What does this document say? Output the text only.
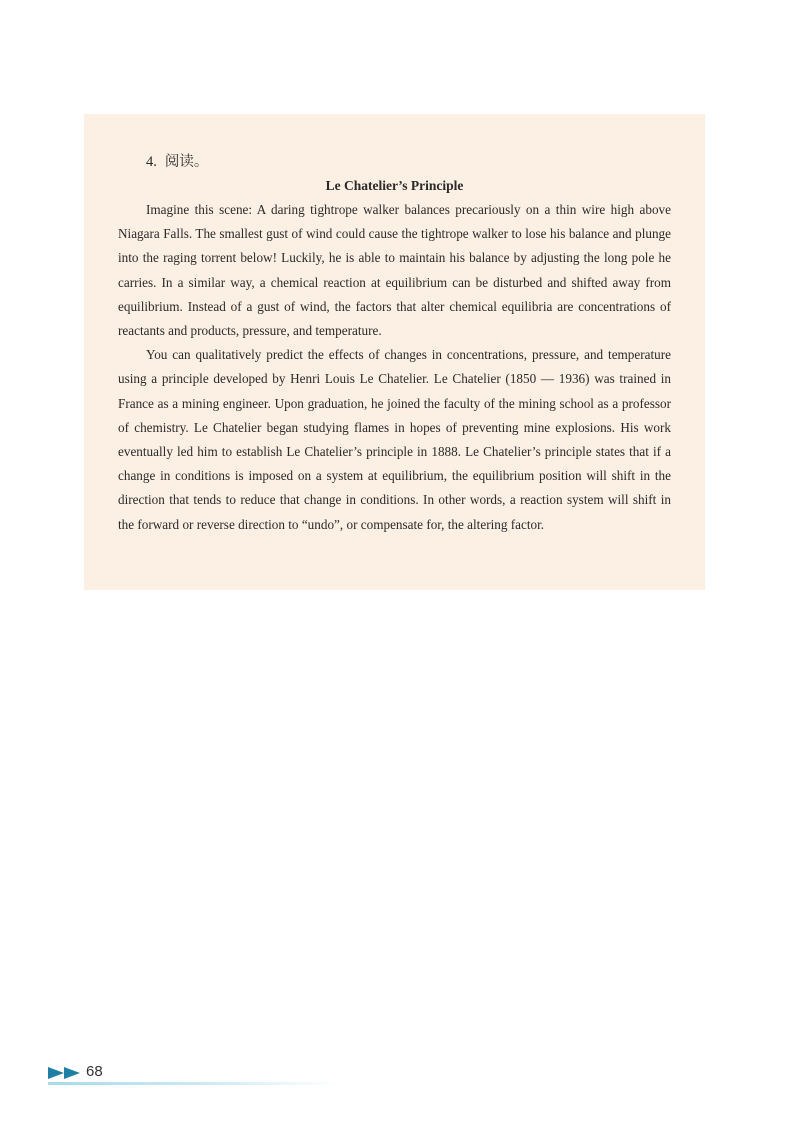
4. 阅读。
Le Chatelier’s Principle

Imagine this scene: A daring tightrope walker balances precariously on a thin wire high above Niagara Falls. The smallest gust of wind could cause the tightrope walker to lose his balance and plunge into the raging torrent below! Luckily, he is able to maintain his balance by adjusting the long pole he carries. In a similar way, a chemical reaction at equilibrium can be disturbed and shifted away from equilibrium. Instead of a gust of wind, the factors that alter chemical equilibria are concentrations of reactants and products, pressure, and temperature.

You can qualitatively predict the effects of changes in concentrations, pressure, and temperature using a principle developed by Henri Louis Le Chatelier. Le Chatelier (1850 — 1936) was trained in France as a mining engineer. Upon graduation, he joined the faculty of the mining school as a professor of chemistry. Le Chatelier began studying flames in hopes of preventing mine explosions. His work eventually led him to establish Le Chatelier’s principle in 1888. Le Chatelier’s principle states that if a change in conditions is imposed on a system at equilibrium, the equilibrium position will shift in the direction that tends to reduce that change in conditions. In other words, a reaction system will shift in the forward or reverse direction to “undo”, or compensate for, the altering factor.

68
